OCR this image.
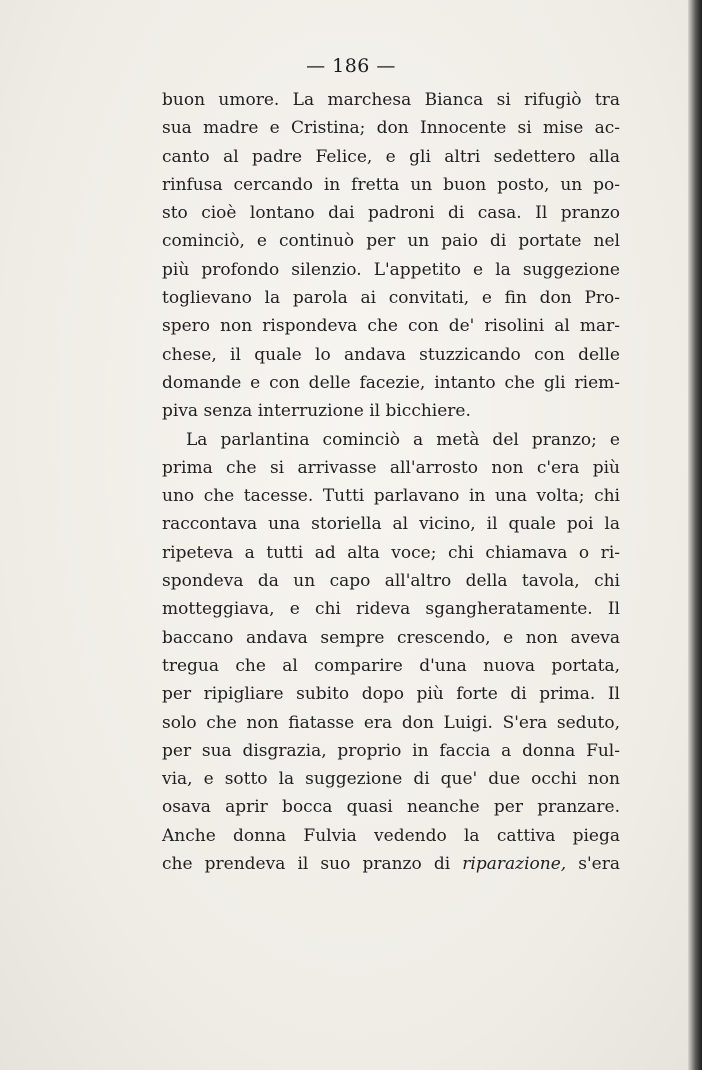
— 186 —
buon umore. La marchesa Bianca si rifugiò tra
sua madre e Cristina; don Innocente si mise ac-
canto al padre Felice, e gli altri sedettero alla
rinfusa cercando in fretta un buon posto, un po-
sto cioè lontano dai padroni di casa. Il pranzo
cominciò, e continuò per un paio di portate nel
più profondo silenzio. L'appetito e la suggezione
toglievano la parola ai convitati, e fin don Pro-
spero non rispondeva che con de' risolini al mar-
chese, il quale lo andava stuzzicando con delle
domande e con delle facezie, intanto che gli riem-
piva senza interruzione il bicchiere.
La parlantina cominciò a metà del pranzo; e
prima che si arrivasse all'arrosto non c'era più
uno che tacesse. Tutti parlavano in una volta; chi
raccontava una storiella al vicino, il quale poi la
ripeteva a tutti ad alta voce; chi chiamava o ri-
spondeva da un capo all'altro della tavola, chi
motteggiava, e chi rideva sgangheratamente. Il
baccano andava sempre crescendo, e non aveva
tregua che al comparire d'una nuova portata,
per ripigliare subito dopo più forte di prima. Il
solo che non fiatasse era don Luigi. S'era seduto,
per sua disgrazia, proprio in faccia a donna Ful-
via, e sotto la suggezione di que' due occhi non
osava aprir bocca quasi neanche per pranzare.
Anche donna Fulvia vedendo la cattiva piega
che prendeva il suo pranzo di riparazione, s'era
